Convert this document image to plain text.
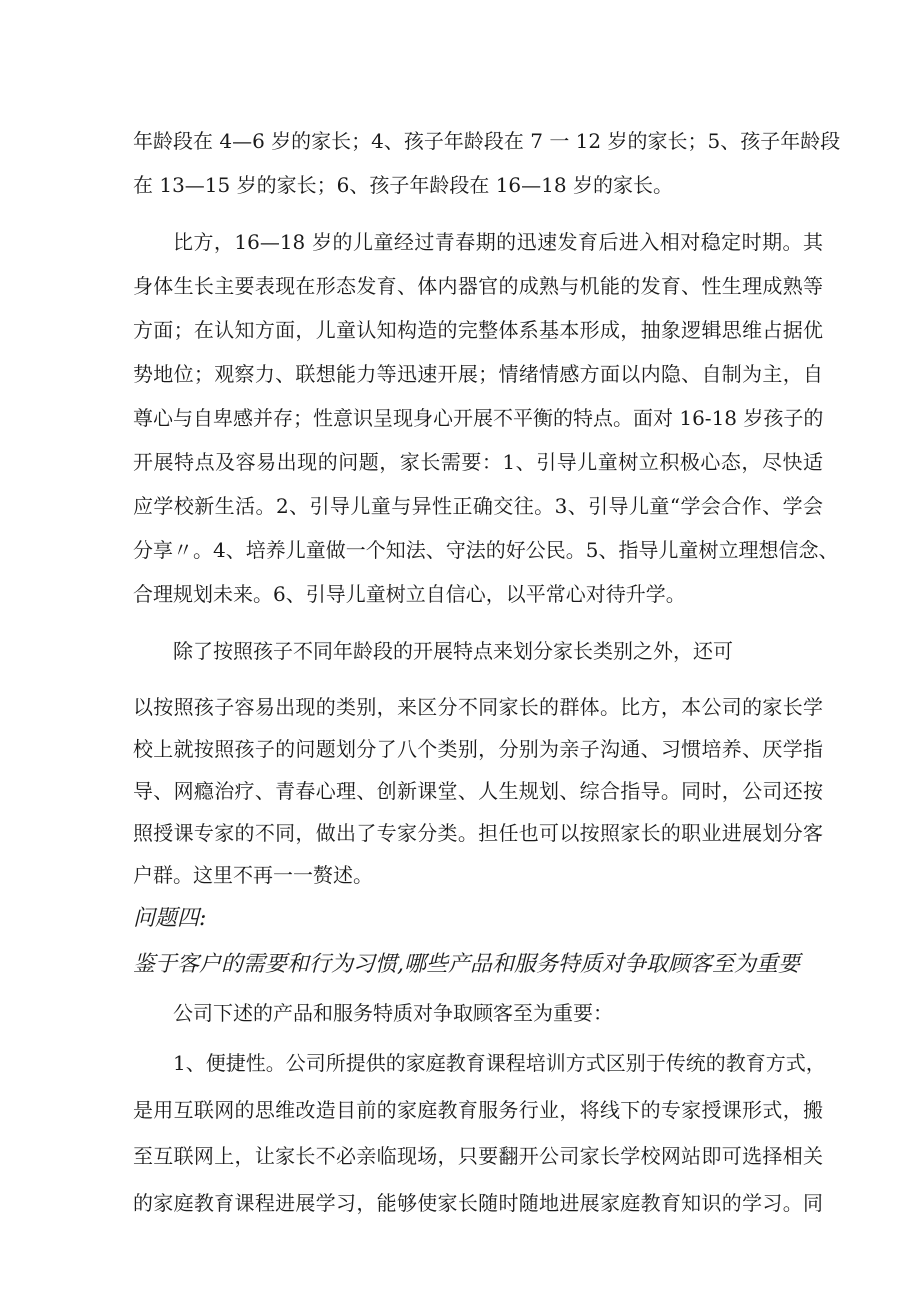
年龄段在 4—6 岁的家长；4、孩子年龄段在 7 一 12 岁的家长；5、孩子年龄段

在 13—15 岁的家长；6、孩子年龄段在 16—18 岁的家长。

比方，16—18 岁的儿童经过青春期的迅速发育后进入相对稳定时期。其

身体生长主要表现在形态发育、体内器官的成熟与机能的发育、性生理成熟等

方面；在认知方面，儿童认知构造的完整体系基本形成，抽象逻辑思维占据优

势地位；观察力、联想能力等迅速开展；情绪情感方面以内隐、自制为主，自

尊心与自卑感并存；性意识呈现身心开展不平衡的特点。面对 16-18 岁孩子的

开展特点及容易出现的问题，家长需要：1、引导儿童树立积极心态，尽快适

应学校新生活。2、引导儿童与异性正确交往。3、引导儿童“学会合作、学会

分享〃。4、培养儿童做一个知法、守法的好公民。5、指导儿童树立理想信念、

合理规划未来。6、引导儿童树立自信心，以平常心对待升学。

除了按照孩子不同年龄段的开展特点来划分家长类别之外，还可

以按照孩子容易出现的类别，来区分不同家长的群体。比方，本公司的家长学

校上就按照孩子的问题划分了八个类别，分别为亲子沟通、习惯培养、厌学指

导、网瘾治疗、青春心理、创新课堂、人生规划、综合指导。同时，公司还按

照授课专家的不同，做出了专家分类。担任也可以按照家长的职业进展划分客

户群。这里不再一一赘述。

问题四:

鉴于客户的需要和行为习惯,哪些产品和服务特质对争取顾客至为重要

公司下述的产品和服务特质对争取顾客至为重要：

1、便捷性。公司所提供的家庭教育课程培训方式区别于传统的教育方式，

是用互联网的思维改造目前的家庭教育服务行业，将线下的专家授课形式，搬

至互联网上，让家长不必亲临现场，只要翻开公司家长学校网站即可选择相关

的家庭教育课程进展学习，能够使家长随时随地进展家庭教育知识的学习。同
